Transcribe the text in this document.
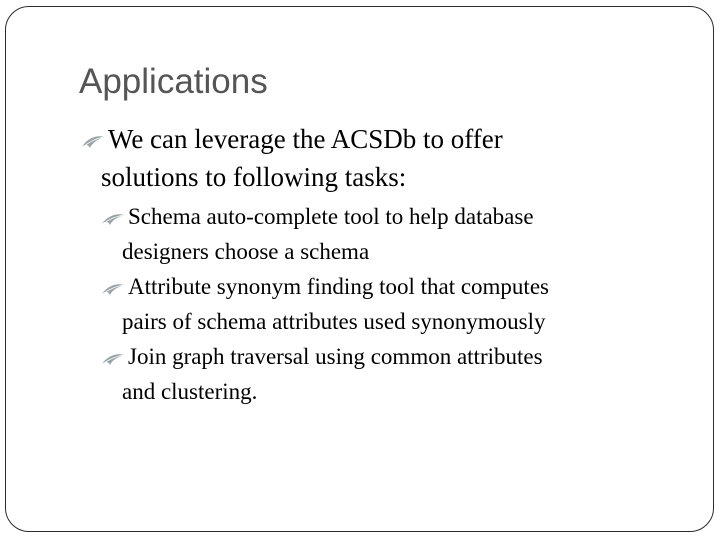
Applications
We can leverage the ACSDb to offer
solutions to following tasks:
Schema auto-complete tool to help database
designers choose a schema
Attribute synonym finding tool that computes
pairs of schema attributes used synonymously
Join graph traversal using common attributes
and clustering.
